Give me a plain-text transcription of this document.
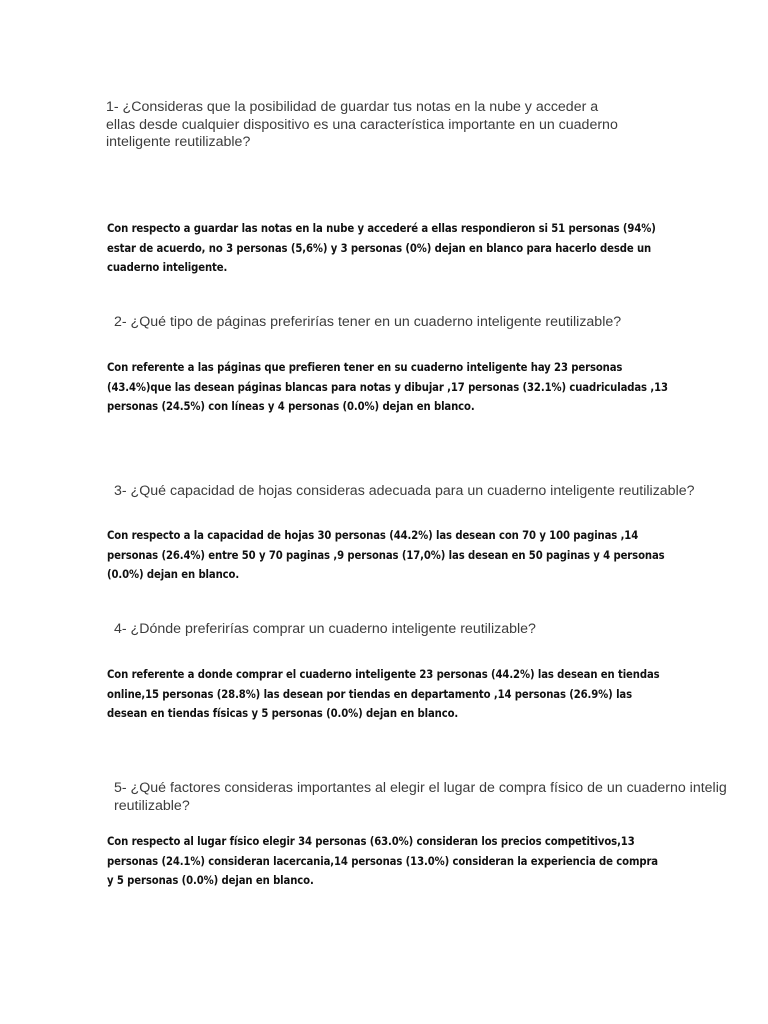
1- ¿Consideras que la posibilidad de guardar tus notas en la nube y acceder a
ellas desde cualquier dispositivo es una característica importante en un cuaderno
inteligente reutilizable?

Con respecto a guardar las notas en la nube y accederé a ellas respondieron si 51 personas (94%)
estar de acuerdo, no 3 personas (5,6%) y 3 personas (0%) dejan en blanco para hacerlo desde un
cuaderno inteligente.

2- ¿Qué tipo de páginas preferirías tener en un cuaderno inteligente reutilizable?

Con referente a las páginas que prefieren tener en su cuaderno inteligente hay 23 personas
(43.4%)que las desean páginas blancas para notas y dibujar ,17 personas (32.1%) cuadriculadas ,13
personas (24.5%) con líneas y 4 personas (0.0%) dejan en blanco.

3- ¿Qué capacidad de hojas consideras adecuada para un cuaderno inteligente reutilizable?

Con respecto a la capacidad de hojas 30 personas (44.2%) las desean con 70 y 100 paginas ,14
personas (26.4%) entre 50 y 70 paginas ,9 personas (17,0%) las desean en 50 paginas y 4 personas
(0.0%) dejan en blanco.

4- ¿Dónde preferirías comprar un cuaderno inteligente reutilizable?

Con referente a donde comprar el cuaderno inteligente 23 personas (44.2%) las desean en tiendas
online,15 personas (28.8%) las desean por tiendas en departamento ,14 personas (26.9%) las
desean en tiendas físicas y 5 personas (0.0%) dejan en blanco.

5- ¿Qué factores consideras importantes al elegir el lugar de compra físico de un cuaderno intelig
reutilizable?

Con respecto al lugar físico elegir 34 personas (63.0%) consideran los precios competitivos,13
personas (24.1%) consideran lacercania,14 personas (13.0%) consideran la experiencia de compra
y 5 personas (0.0%) dejan en blanco.
